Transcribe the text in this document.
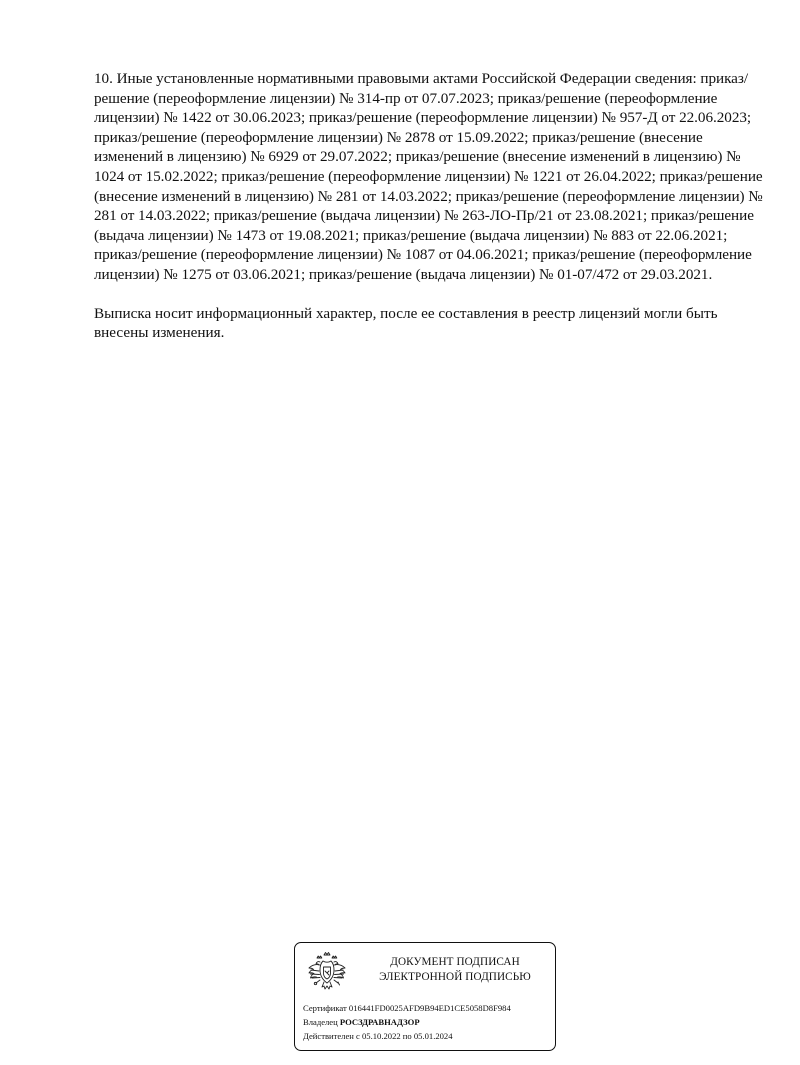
10. Иные установленные нормативными правовыми актами Российской Федерации сведения: приказ/решение (переоформление лицензии) № 314-пр от 07.07.2023; приказ/решение (переоформление лицензии) № 1422 от 30.06.2023; приказ/решение (переоформление лицензии) № 957-Д от 22.06.2023; приказ/решение (переоформление лицензии) № 2878 от 15.09.2022; приказ/решение (внесение изменений в лицензию) № 6929 от 29.07.2022; приказ/решение (внесение изменений в лицензию) № 1024 от 15.02.2022; приказ/решение (переоформление лицензии) № 1221 от 26.04.2022; приказ/решение (внесение изменений в лицензию) № 281 от 14.03.2022; приказ/решение (переоформление лицензии) № 281 от 14.03.2022; приказ/решение (выдача лицензии) № 263-ЛО-Пр/21 от 23.08.2021; приказ/решение (выдача лицензии) № 1473 от 19.08.2021; приказ/решение (выдача лицензии) № 883 от 22.06.2021; приказ/решение (переоформление лицензии) № 1087 от 04.06.2021; приказ/решение (переоформление лицензии) № 1275 от 03.06.2021; приказ/решение (выдача лицензии) № 01-07/472 от 29.03.2021.

Выписка носит информационный характер, после ее составления в реестр лицензий могли быть внесены изменения.

ДОКУМЕНТ ПОДПИСАН
ЭЛЕКТРОННОЙ ПОДПИСЬЮ
Сертификат 016441FD0025AFD9B94ED1CE5058D8F984
Владелец РОСЗДРАВНАДЗОР
Действителен с 05.10.2022 по 05.01.2024
